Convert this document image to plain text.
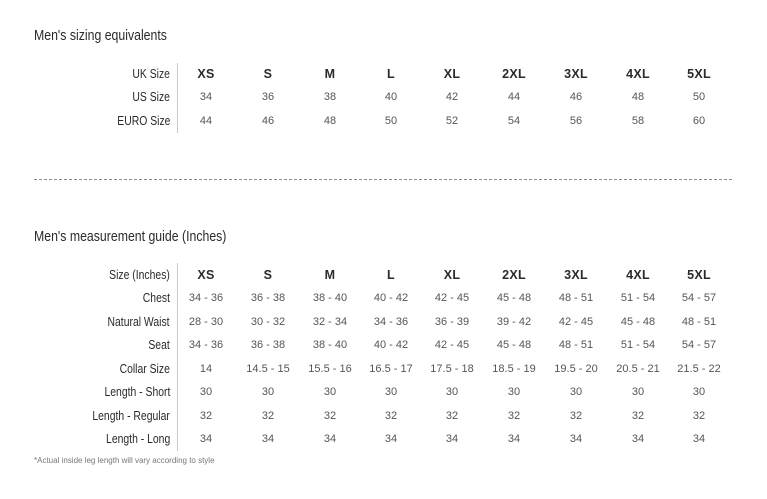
Men's sizing equivalents
UK Size	XS	S	M	L	XL	2XL	3XL	4XL	5XL
US Size	34	36	38	40	42	44	46	48	50
EURO Size	44	46	48	50	52	54	56	58	60
Men's measurement guide (Inches)
Size (Inches)	XS	S	M	L	XL	2XL	3XL	4XL	5XL
Chest	34 - 36	36 - 38	38 - 40	40 - 42	42 - 45	45 - 48	48 - 51	51 - 54	54 - 57
Natural Waist	28 - 30	30 - 32	32 - 34	34 - 36	36 - 39	39 - 42	42 - 45	45 - 48	48 - 51
Seat	34 - 36	36 - 38	38 - 40	40 - 42	42 - 45	45 - 48	48 - 51	51 - 54	54 - 57
Collar Size	14	14.5 - 15	15.5 - 16	16.5 - 17	17.5 - 18	18.5 - 19	19.5 - 20	20.5 - 21	21.5 - 22
Length - Short	30	30	30	30	30	30	30	30	30
Length - Regular	32	32	32	32	32	32	32	32	32
Length - Long	34	34	34	34	34	34	34	34	34
*Actual inside leg length will vary according to style
